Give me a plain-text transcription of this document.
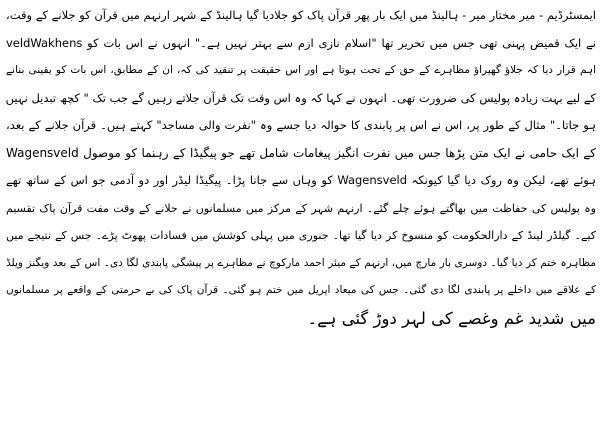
ایمسٹرڈیم - میر مختار میر - ہالینڈ میں ایک بار پھر قرآن پاک کو جلادیا گیا ہالینڈ کے شہر ارنہم میں قرآن کو جلانے کے وقت،
veldWakhens نے ایک قمیض پہنی تھی جس میں تحریر تھا "اسلام نازی ازم سے بہتر نہیں ہے۔" انہوں نے اس بات کو
اہم قرار دیا کہ جلاؤ گھیراؤ مظاہرے کے حق کے تحت ہوتا ہے اور اس حقیقت پر تنقید کی کہ، ان کے مطابق، اس بات کو یقینی بنانے
کے لیے بہت زیادہ پولیس کی ضرورت تھی۔ انہوں نے کہا کہ وہ اس وقت تک قرآن جلاتے رہیں گے جب تک " کچھ تبدیل نہیں
ہو جاتا۔" مثال کے طور پر، اس نے اس پر پابندی کا حوالہ دیا جسے وہ "نفرت والی مساجد" کہتے ہیں۔ قرآن جلانے کے بعد،
Wagensveld کے ایک حامی نے ایک متن پڑھا جس میں نفرت انگیز پیغامات شامل تھے جو پیگیڈا کے رہنما کو موصول
ہوئے تھے، لیکن وہ روک دیا گیا کیونکہ Wagensveld کو وہاں سے جانا پڑا۔ پیگیڈا لیڈر اور دو آدمی جو اس کے ساتھ تھے
وہ پولیس کی حفاظت میں بھاگتے ہوئے چلے گئے۔ ارنہم شہر کے مرکز میں مسلمانوں نے جلانے کے وقت مفت قرآن پاک تقسیم
کیے۔ گیلڈر لینڈ کے دارالحکومت کو منسوخ کر دیا گیا تھا۔ جنوری میں پہلی کوشش میں فسادات پھوٹ پڑے۔ جس کے نتیجے میں
مظاہرہ ختم کر دیا گیا۔ دوسری بار مارچ میں، ارنہم کے میئر احمد مارکوچ نے مظاہرے پر پیشگی پابندی لگا دی۔ اس کے بعد ویگنز ویلڈ
کے علاقے میں داخلے پر پابندی لگا دی گئی۔ جس کی میعاد اپریل میں ختم ہو گئی۔ قرآن پاک کی بے حرمتی کے واقعے پر مسلمانوں
میں شدید غم وغصے کی لہر دوڑ گئی ہے۔
